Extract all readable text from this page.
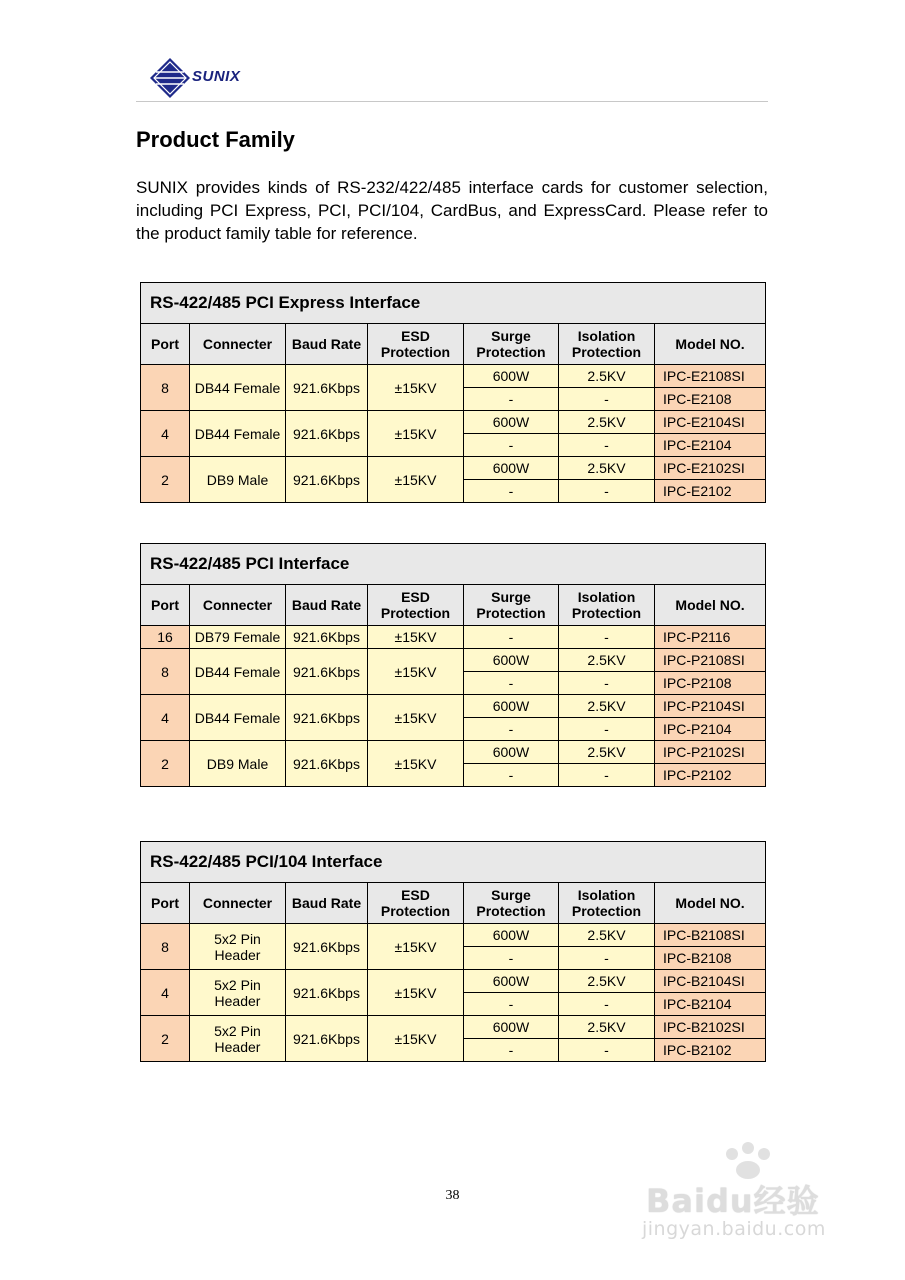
SUNIX
Product Family

SUNIX provides kinds of RS-232/422/485 interface cards for customer selection, including PCI Express, PCI, PCI/104, CardBus, and ExpressCard. Please refer to the product family table for reference.

RS-422/485 PCI Express Interface						
Port	Connecter	Baud Rate	ESD Protection	Surge Protection	Isolation Protection	Model NO.
8	DB44 Female	921.6Kbps	±15KV	600W	2.5KV	IPC-E2108SI
				-	-	IPC-E2108
4	DB44 Female	921.6Kbps	±15KV	600W	2.5KV	IPC-E2104SI
				-	-	IPC-E2104
2	DB9 Male	921.6Kbps	±15KV	600W	2.5KV	IPC-E2102SI
				-	-	IPC-E2102
RS-422/485 PCI Interface						
Port	Connecter	Baud Rate	ESD Protection	Surge Protection	Isolation Protection	Model NO.
16	DB79 Female	921.6Kbps	±15KV	-	-	IPC-P2116
8	DB44 Female	921.6Kbps	±15KV	600W	2.5KV	IPC-P2108SI
				-	-	IPC-P2108
4	DB44 Female	921.6Kbps	±15KV	600W	2.5KV	IPC-P2104SI
				-	-	IPC-P2104
2	DB9 Male	921.6Kbps	±15KV	600W	2.5KV	IPC-P2102SI
				-	-	IPC-P2102
RS-422/485 PCI/104 Interface						
Port	Connecter	Baud Rate	ESD Protection	Surge Protection	Isolation Protection	Model NO.
8	5x2 Pin Header	921.6Kbps	±15KV	600W	2.5KV	IPC-B2108SI
				-	-	IPC-B2108
4	5x2 Pin Header	921.6Kbps	±15KV	600W	2.5KV	IPC-B2104SI
				-	-	IPC-B2104
2	5x2 Pin Header	921.6Kbps	±15KV	600W	2.5KV	IPC-B2102SI
				-	-	IPC-B2102
38	Baidu经验
jingyan.baidu.com
